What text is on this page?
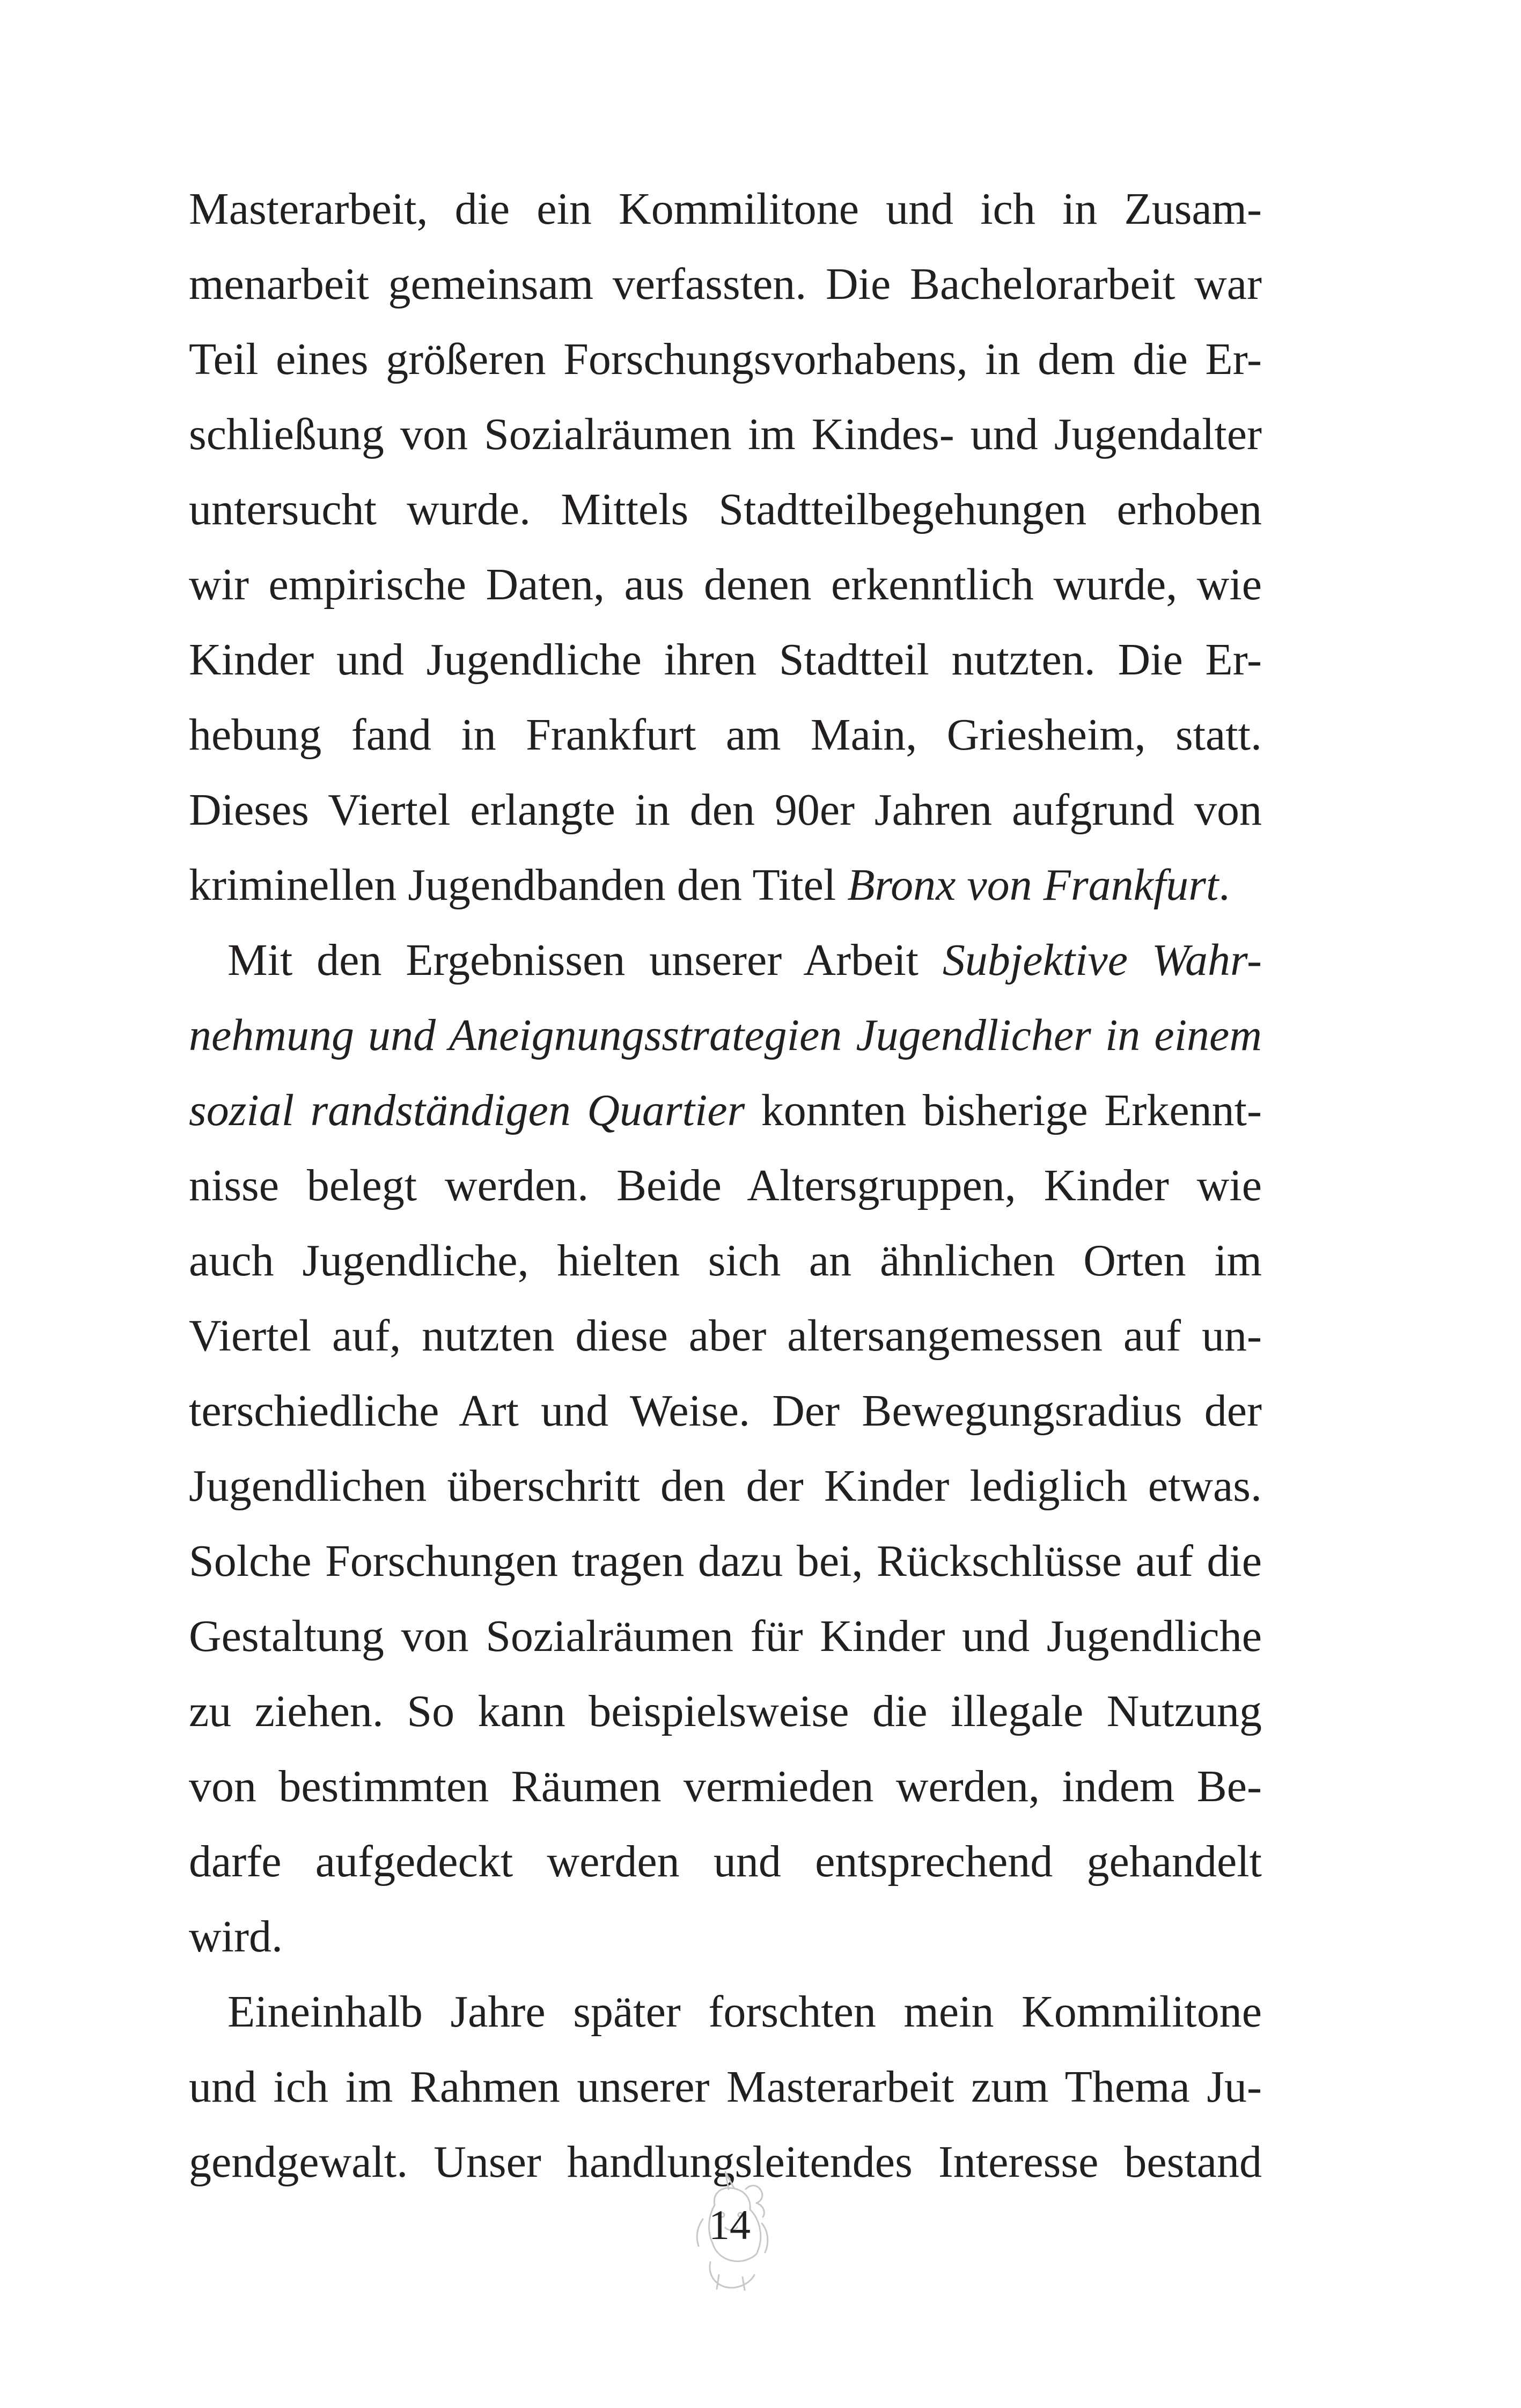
Masterarbeit, die ein Kommilitone und ich in Zusam-
menarbeit gemeinsam verfassten. Die Bachelorarbeit war
Teil eines größeren Forschungsvorhabens, in dem die Er-
schließung von Sozialräumen im Kindes- und Jugendalter
untersucht wurde. Mittels Stadtteilbegehungen erhoben
wir empirische Daten, aus denen erkenntlich wurde, wie
Kinder und Jugendliche ihren Stadtteil nutzten. Die Er-
hebung fand in Frankfurt am Main, Griesheim, statt.
Dieses Viertel erlangte in den 90er Jahren aufgrund von
kriminellen Jugendbanden den Titel Bronx von Frankfurt.
Mit den Ergebnissen unserer Arbeit Subjektive Wahr-
nehmung und Aneignungsstrategien Jugendlicher in einem
sozial randständigen Quartier konnten bisherige Erkennt-
nisse belegt werden. Beide Altersgruppen, Kinder wie
auch Jugendliche, hielten sich an ähnlichen Orten im
Viertel auf, nutzten diese aber altersangemessen auf un-
terschiedliche Art und Weise. Der Bewegungsradius der
Jugendlichen überschritt den der Kinder lediglich etwas.
Solche Forschungen tragen dazu bei, Rückschlüsse auf die
Gestaltung von Sozialräumen für Kinder und Jugendliche
zu ziehen. So kann beispielsweise die illegale Nutzung
von bestimmten Räumen vermieden werden, indem Be-
darfe aufgedeckt werden und entsprechend gehandelt
wird.
Eineinhalb Jahre später forschten mein Kommilitone
und ich im Rahmen unserer Masterarbeit zum Thema Ju-
gendgewalt. Unser handlungsleitendes Interesse bestand
14
